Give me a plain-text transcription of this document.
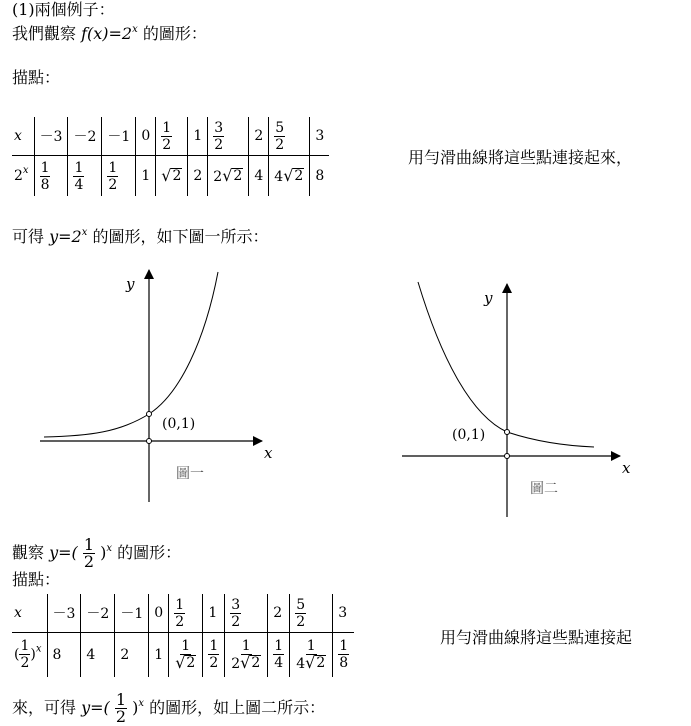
(1)兩個例子：
我們觀察 $f(x)=2^x$ 的圖形：
描點：
x	－3	－2	－1	0	$\frac{1}{2}$	1	$\frac{3}{2}$	2	$\frac{5}{2}$	3
2$^x$	$\frac{1}{8}$	$\frac{1}{4}$	$\frac{1}{2}$	1	√ 2	2	2 √ 2	4	4 √ 2	8
用勻滑曲線將這些點連接起來，
可得 $y=2^x$ 的圖形，如下圖一所示：
y
x
(0,1)
圖一
y
x
(0,1)
圖二
觀察 $y=( \frac{1}{2} )^x$ 的圖形：
描點：
x	－3	－2	－1	0	$\frac{1}{2}$	1	$\frac{3}{2}$	2	$\frac{5}{2}$	3
( $\frac{1}{2} )^x$	8	4	2	1	$\frac{1}{√ 2}$	$\frac{1}{2}$	$\frac{1}{2 √ 2}$	$\frac{1}{4}$	$\frac{1}{4 √ 2}$	$\frac{1}{8}$
用勻滑曲線將這些點連接起
來，可得 $y=( \frac{1}{2} )^x$ 的圖形，如上圖二所示：
